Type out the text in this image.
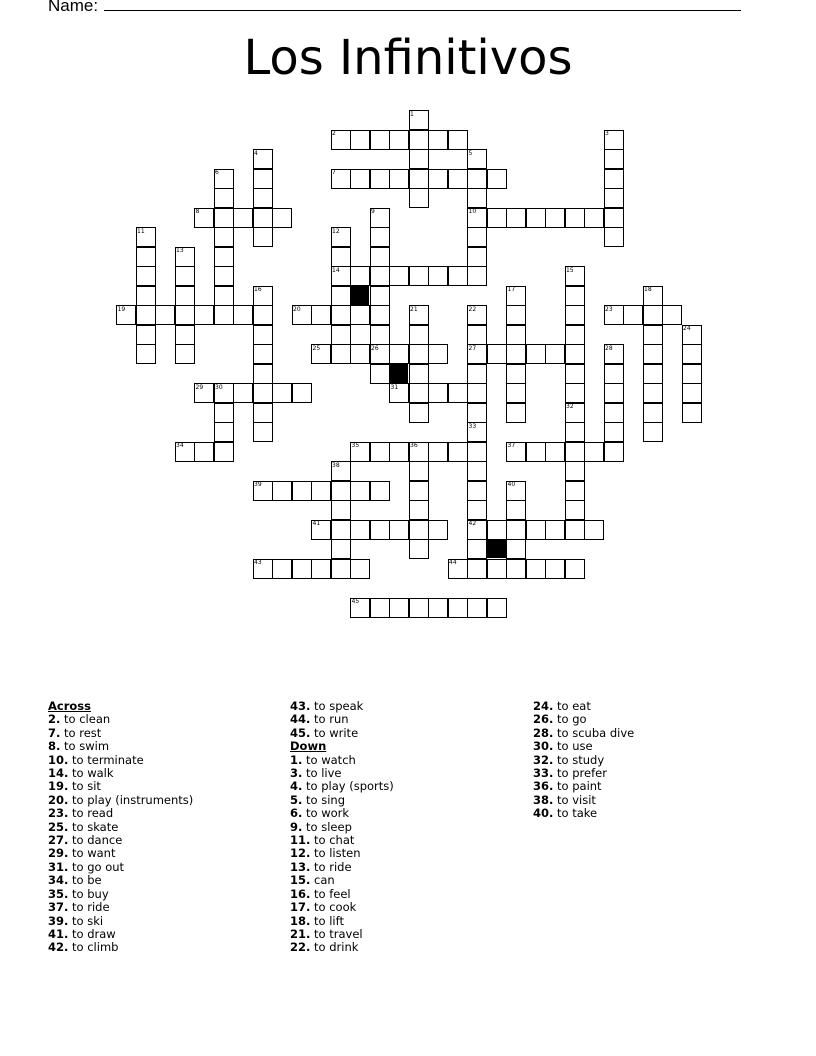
Name:
Los Infinitivos
1
2	3
4	5
6	7
8	9	10
11	12
13
14	15
16	17	18
19	20	21	22	23
24
25	26	27	28
29 30	31
32
33
34	35	36	37
38
39	40
41	42
43	44
45
Across
2. to clean
7. to rest
8. to swim
10. to terminate
14. to walk
19. to sit
20. to play (instruments)
23. to read
25. to skate
27. to dance
29. to want
31. to go out
34. to be
35. to buy
37. to ride
39. to ski
41. to draw
42. to climb
43. to speak
44. to run
45. to write
Down
1. to watch
3. to live
4. to play (sports)
5. to sing
6. to work
9. to sleep
11. to chat
12. to listen
13. to ride
15. can
16. to feel
17. to cook
18. to lift
21. to travel
22. to drink
24. to eat
26. to go
28. to scuba dive
30. to use
32. to study
33. to prefer
36. to paint
38. to visit
40. to take
